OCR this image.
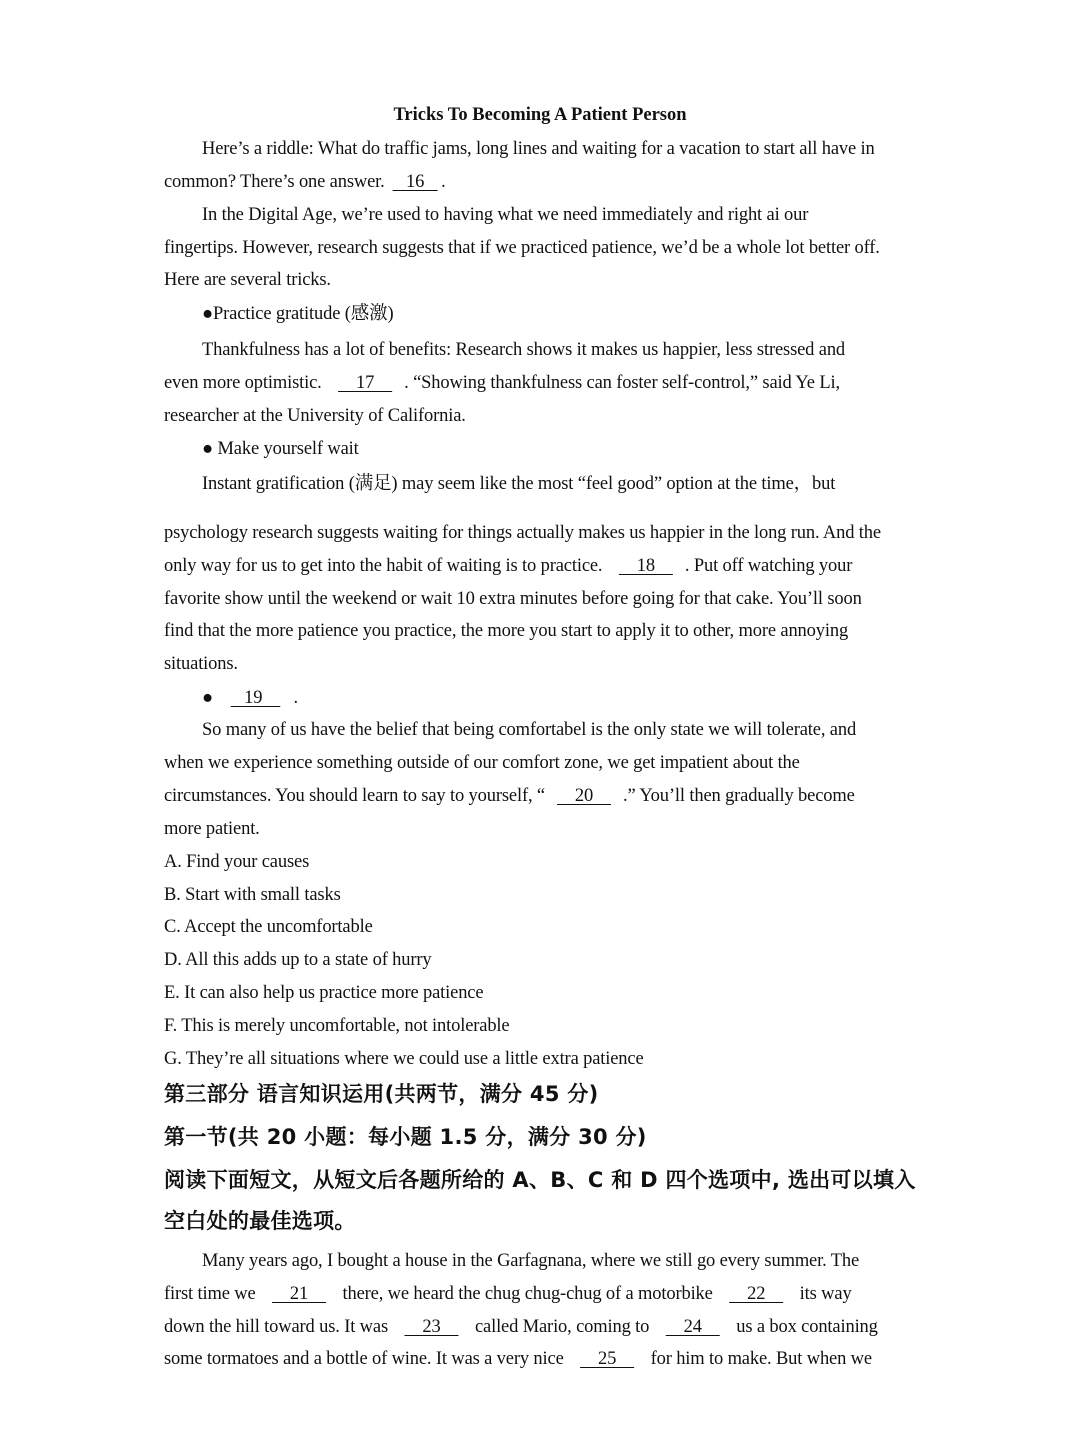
Tricks To Becoming A Patient Person
Here’s a riddle: What do traffic jams, long lines and waiting for a vacation to start all have in
common? There’s one answer.    16   .
In the Digital Age, we’re used to having what we need immediately and right ai our
fingertips. However, research suggests that if we practiced patience, we’d be a whole lot better off.
Here are several tricks.
●Practice gratitude (感激)
Thankfulness has a lot of benefits: Research shows it makes us happier, less stressed and
even more optimistic.     17    . “Showing thankfulness can foster self-control,” said Ye Li,
researcher at the University of California.
● Make yourself wait
Instant gratification (满足) may seem like the most “feel good” option at the time，but
psychology research suggests waiting for things actually makes us happier in the long run. And the
only way for us to get into the habit of waiting is to practice.     18    . Put off watching your
favorite show until the weekend or wait 10 extra minutes before going for that cake. You’ll soon
find that the more patience you practice, the more you start to apply it to other, more annoying
situations.
●    19    .
So many of us have the belief that being comfortabel is the only state we will tolerate, and
when we experience something outside of our comfort zone, we get impatient about the
circumstances. You should learn to say to yourself, “    20    .” You’ll then gradually become
more patient.
A. Find your causes
B. Start with small tasks
C. Accept the uncomfortable
D. All this adds up to a state of hurry
E. It can also help us practice more patience
F. This is merely uncomfortable, not intolerable
G. They’re all situations where we could use a little extra patience
第三部分 语言知识运用(共两节，满分 45 分)
第一节(共 20 小题：每小题 1.5 分，满分 30 分)
阅读下面短文，从短文后各题所给的 A、B、C 和 D 四个选项中, 选出可以填入
空白处的最佳选项。
Many years ago, I bought a house in the Garfagnana, where we still go every summer. The
first time we     21     there, we heard the chug chug-chug of a motorbike     22     its way
down the hill toward us. It was     23     called Mario, coming to     24     us a box containing
some tormatoes and a bottle of wine. It was a very nice     25     for him to make. But when we
